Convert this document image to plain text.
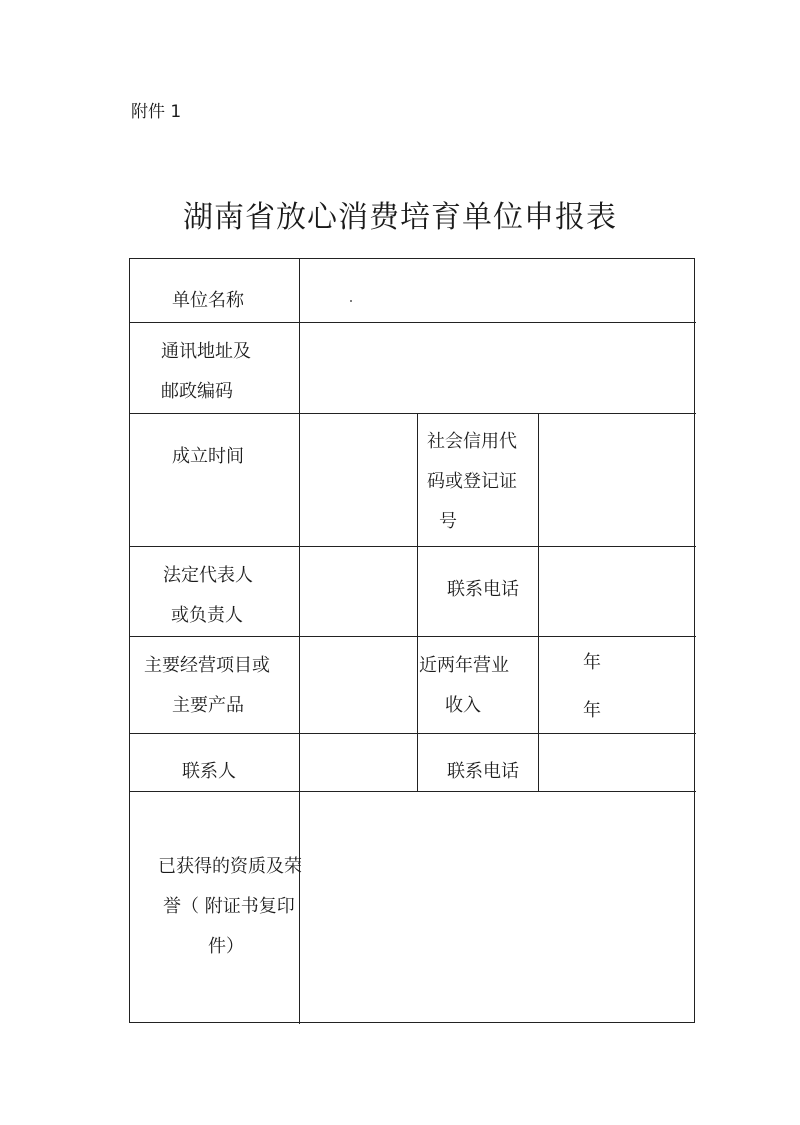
附件 1
湖南省放心消费培育单位申报表
单位名称
通讯地址及
邮政编码
成立时间
社会信用代
码或登记证
号
法定代表人
或负责人
联系电话
主要经营项目或
主要产品
近两年营业
收入
年
年
联系人	联系电话
已获得的资质及荣
誉（ 附证书复印
件）
